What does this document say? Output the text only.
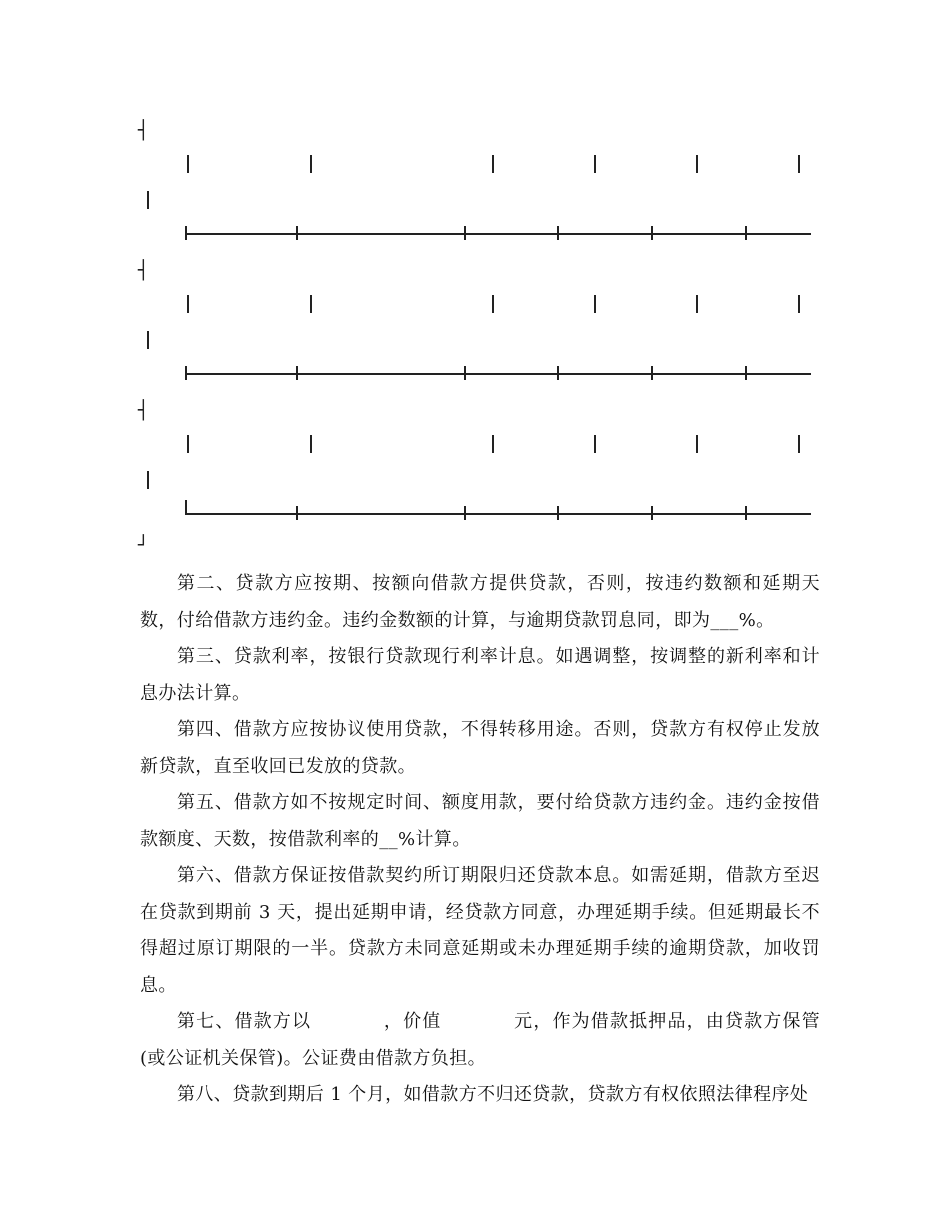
┤
┤
┤
┘

第二、贷款方应按期、按额向借款方提供贷款，否则，按违约数额和延期天数，付给借款方违约金。违约金数额的计算，与逾期贷款罚息同，即为___%。

第三、贷款利率，按银行贷款现行利率计息。如遇调整，按调整的新利率和计息办法计算。

第四、借款方应按协议使用贷款，不得转移用途。否则，贷款方有权停止发放新贷款，直至收回已发放的贷款。

第五、借款方如不按规定时间、额度用款，要付给贷款方违约金。违约金按借款额度、天数，按借款利率的__%计算。

第六、借款方保证按借款契约所订期限归还贷款本息。如需延期，借款方至迟在贷款到期前 3 天，提出延期申请，经贷款方同意，办理延期手续。但延期最长不得超过原订期限的一半。贷款方未同意延期或未办理延期手续的逾期贷款，加收罚息。

第七、借款方以	，价值	元，作为借款抵押品，由贷款方保管(或公证机关保管)。公证费由借款方负担。

第八、贷款到期后 1 个月，如借款方不归还贷款，贷款方有权依照法律程序处
